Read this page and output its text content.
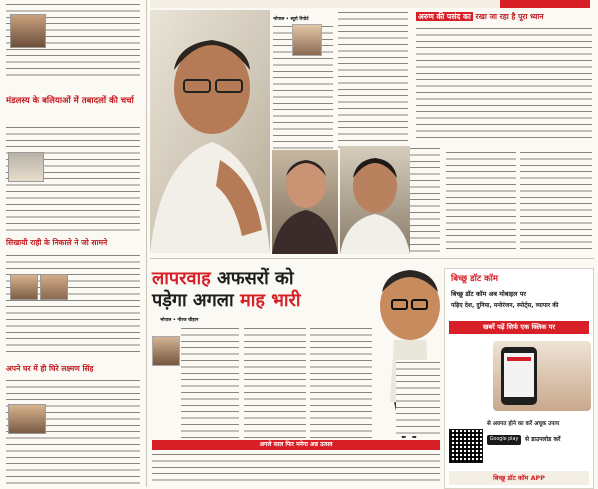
मंडलस्य के बलियाओं में तबादलों की चर्चा
सिखायी राही के निकाले ने जो सामने
अपने घर में ही घिरे लक्ष्मण सिंह
भोपाल • ब्यूरो रिपोर्ट	अरुण की पसंद का रखा जा रहा है पूरा ध्यान
लापरवाह अफसरों को
पड़ेगा अगला माह भारी
भोपाल • नीरज चौहान
अगले साल फिर मनेगा अन्न उत्सव
बिच्छू डॉट कॉम
बिच्छू डॉट कॉम अब मोबाइल पर
पढ़िए देश, दुनिया, मनोरंजन, स्पोर्ट्स, व्यापार की
खबरें पढ़ें सिर्फ एक क्लिक पर
से अवगत होने का करें अचूक उपाय
Google play	से डाउनलोड करें
बिच्छू डॉट कॉम APP
